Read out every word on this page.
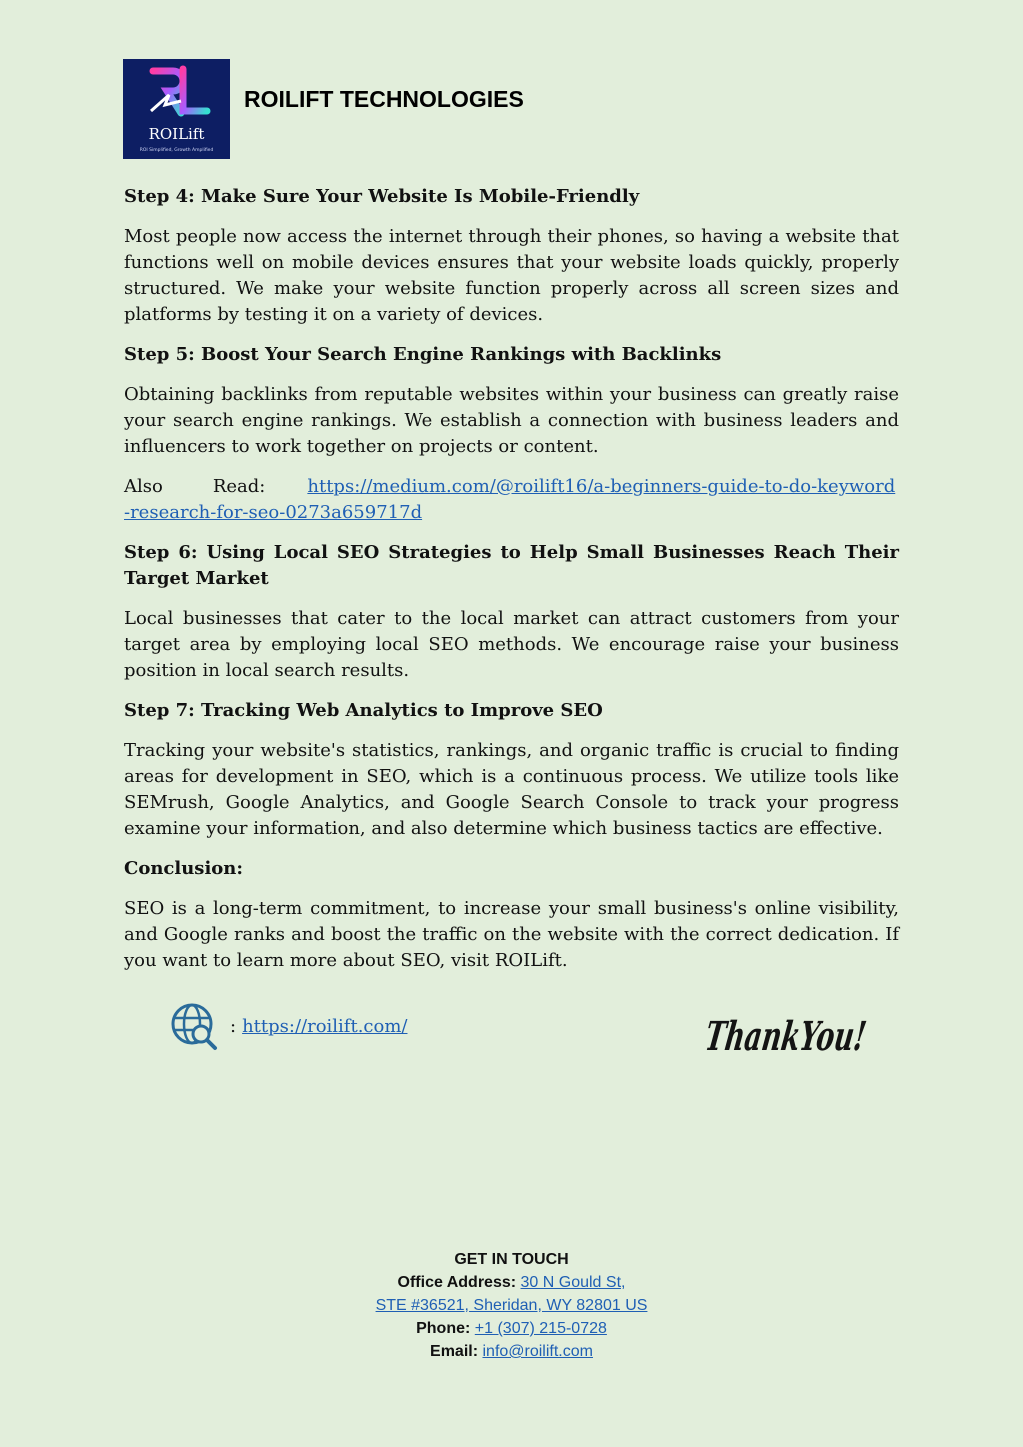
ROILift
ROI Simplified, Growth Amplified
ROILIFT TECHNOLOGIES
Step 4: Make Sure Your Website Is Mobile-Friendly
Most people now access the internet through their phones, so having a website that functions well on mobile devices ensures that your website loads quickly, properly structured. We make your website function properly across all screen sizes and platforms by testing it on a variety of devices.
Step 5: Boost Your Search Engine Rankings with Backlinks
Obtaining backlinks from reputable websites within your business can greatly raise your search engine rankings. We establish a connection with business leaders and influencers to work together on projects or content.
Also	Read: https://medium.com/@roilift16/a-beginners-guide-to-do-keyword-research-for-seo-0273a659717d
Step 6: Using Local SEO Strategies to Help Small Businesses Reach Their Target Market
Local businesses that cater to the local market can attract customers from your target area by employing local SEO methods. We encourage raise your business position in local search results.
Step 7: Tracking Web Analytics to Improve SEO
Tracking your website's statistics, rankings, and organic traffic is crucial to finding areas for development in SEO, which is a continuous process. We utilize tools like SEMrush, Google Analytics, and Google Search Console to track your progress examine your information, and also determine which business tactics are effective.
Conclusion:
SEO is a long-term commitment, to increase your small business's online visibility, and Google ranks and boost the traffic on the website with the correct dedication. If you want to learn more about SEO, visit ROILift.
: https://roilift.com/	ThankYou!
GET IN TOUCH
Office Address: 30 N Gould St,
STE #36521, Sheridan, WY 82801 US
Phone: +1 (307) 215-0728
Email: info@roilift.com
